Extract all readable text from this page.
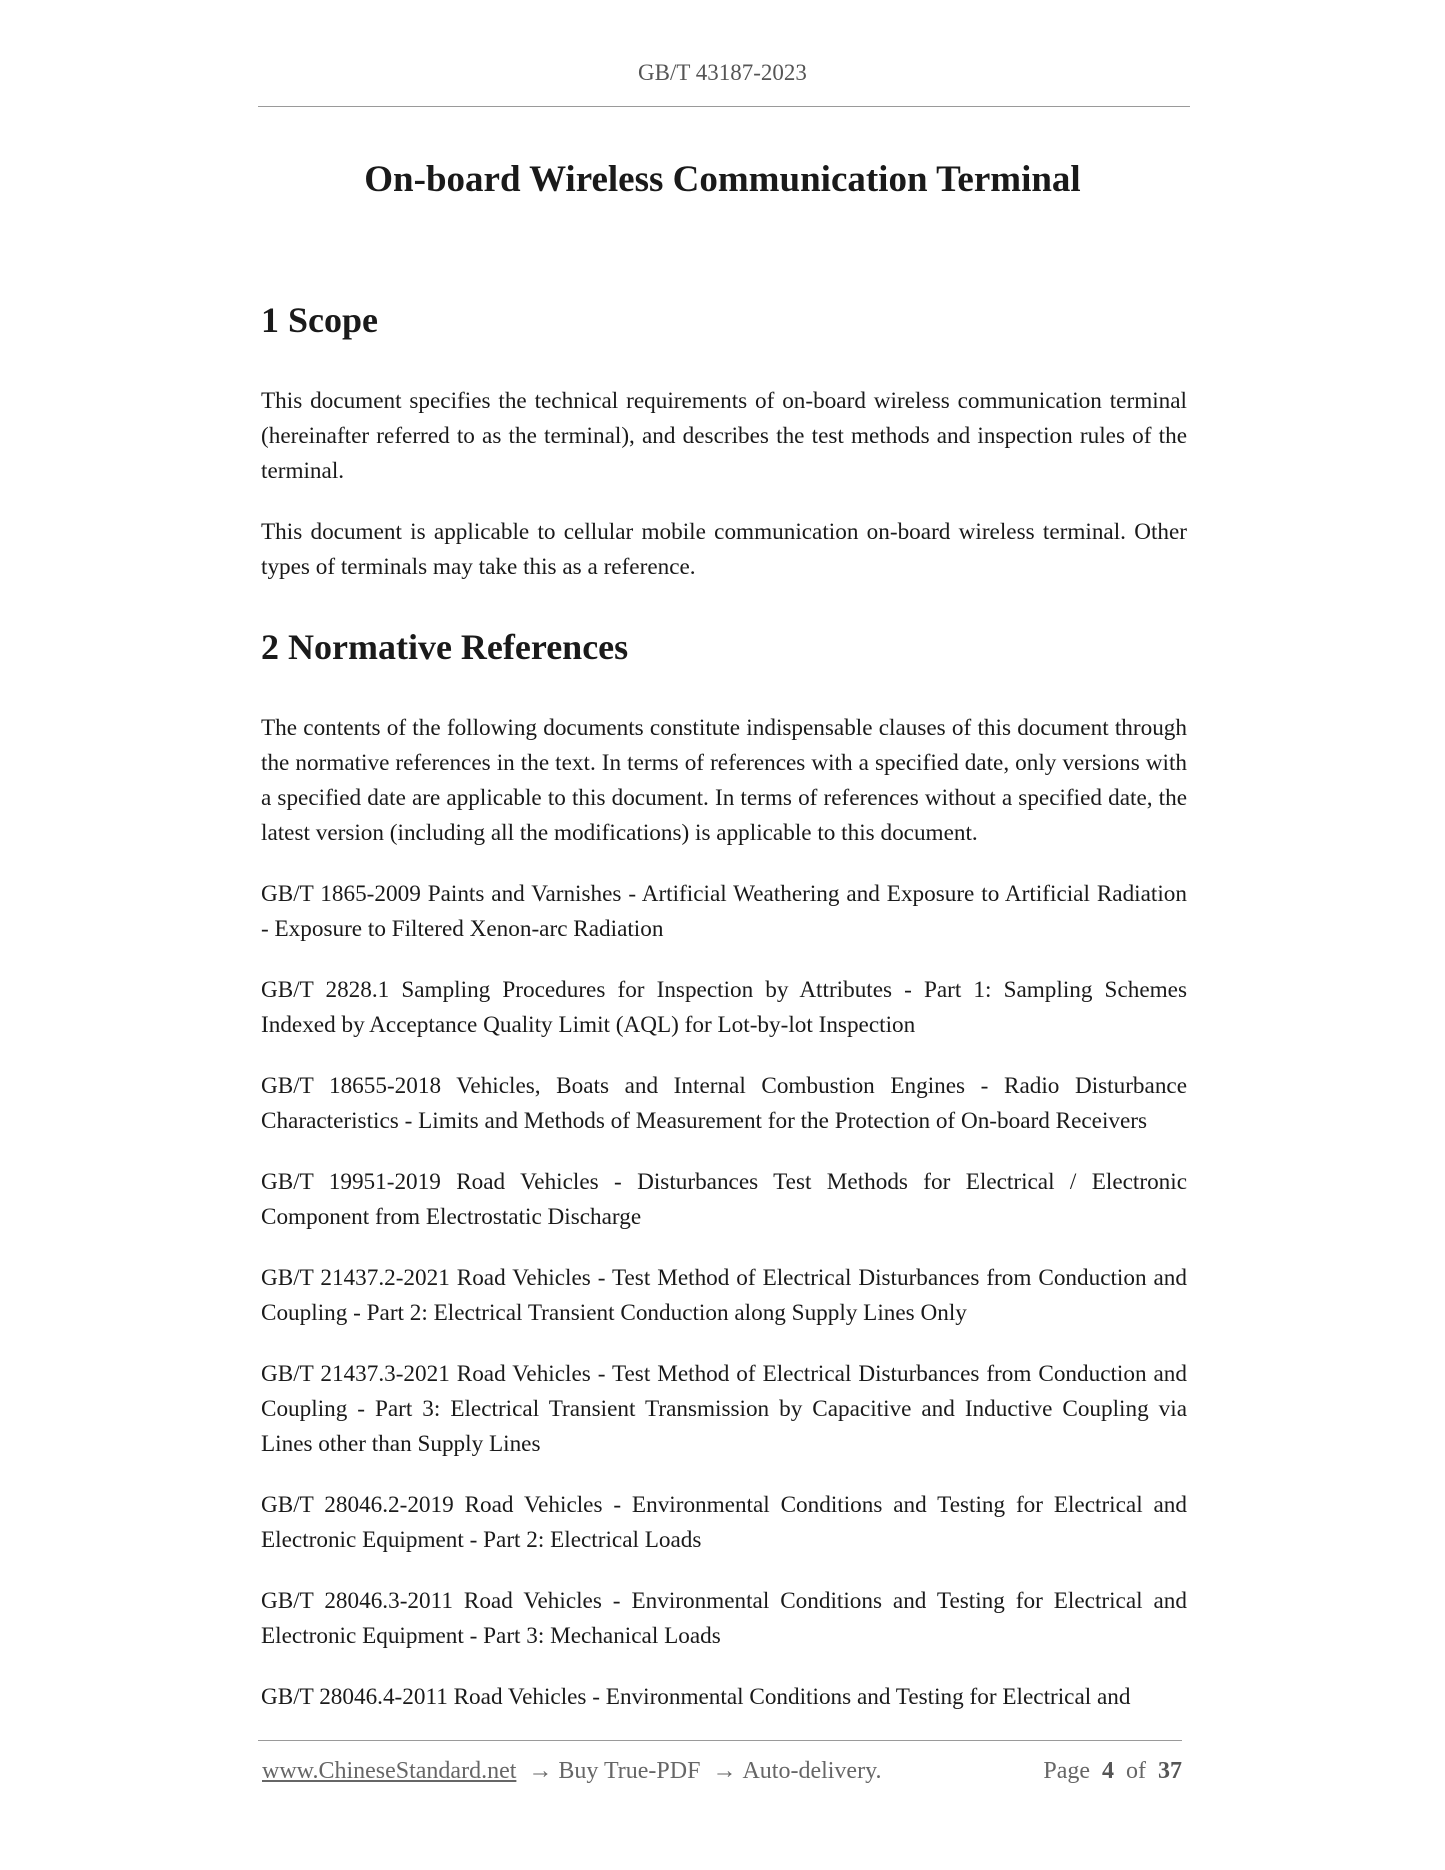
GB/T 43187-2023
On-board Wireless Communication Terminal
1 Scope

This document specifies the technical requirements of on-board wireless communication terminal (hereinafter referred to as the terminal), and describes the test methods and inspection rules of the terminal.

This document is applicable to cellular mobile communication on-board wireless terminal. Other types of terminals may take this as a reference.

2 Normative References

The contents of the following documents constitute indispensable clauses of this document through the normative references in the text. In terms of references with a specified date, only versions with a specified date are applicable to this document. In terms of references without a specified date, the latest version (including all the modifications) is applicable to this document.

GB/T 1865-2009 Paints and Varnishes - Artificial Weathering and Exposure to Artificial Radiation - Exposure to Filtered Xenon-arc Radiation

GB/T 2828.1 Sampling Procedures for Inspection by Attributes - Part 1: Sampling Schemes Indexed by Acceptance Quality Limit (AQL) for Lot-by-lot Inspection

GB/T 18655-2018 Vehicles, Boats and Internal Combustion Engines - Radio Disturbance Characteristics - Limits and Methods of Measurement for the Protection of On-board Receivers

GB/T 19951-2019 Road Vehicles - Disturbances Test Methods for Electrical / Electronic Component from Electrostatic Discharge

GB/T 21437.2-2021 Road Vehicles - Test Method of Electrical Disturbances from Conduction and Coupling - Part 2: Electrical Transient Conduction along Supply Lines Only

GB/T 21437.3-2021 Road Vehicles - Test Method of Electrical Disturbances from Conduction and Coupling - Part 3: Electrical Transient Transmission by Capacitive and Inductive Coupling via Lines other than Supply Lines

GB/T 28046.2-2019 Road Vehicles - Environmental Conditions and Testing for Electrical and Electronic Equipment - Part 2: Electrical Loads

GB/T 28046.3-2011 Road Vehicles - Environmental Conditions and Testing for Electrical and Electronic Equipment - Part 3: Mechanical Loads

GB/T 28046.4-2011 Road Vehicles - Environmental Conditions and Testing for Electrical and

www.ChineseStandard.net → Buy True-PDF → Auto-delivery.	Page 4 of 37
